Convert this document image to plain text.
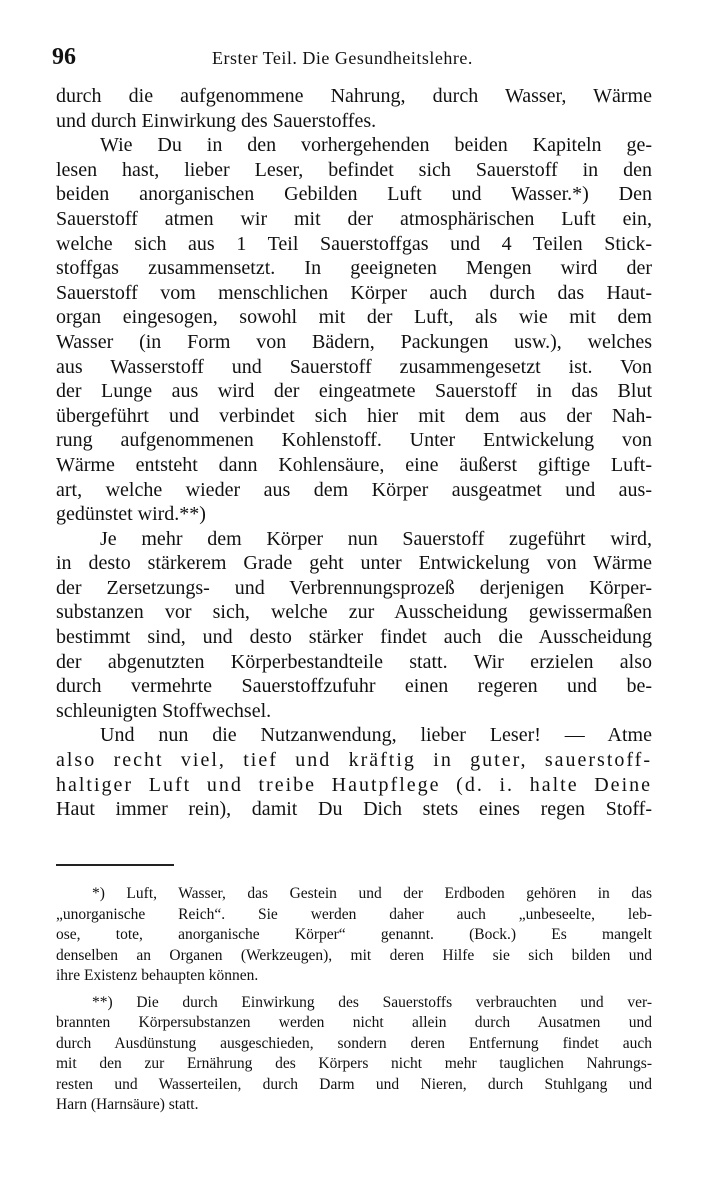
96	Erster Teil. Die Gesundheitslehre.

durch die aufgenommene Nahrung, durch Wasser, Wärme
und durch Einwirkung des Sauerstoffes.

Wie Du in den vorhergehenden beiden Kapiteln ge-
lesen hast, lieber Leser, befindet sich Sauerstoff in den
beiden anorganischen Gebilden Luft und Wasser.*) Den
Sauerstoff atmen wir mit der atmosphärischen Luft ein,
welche sich aus 1 Teil Sauerstoffgas und 4 Teilen Stick-
stoffgas zusammensetzt. In geeigneten Mengen wird der
Sauerstoff vom menschlichen Körper auch durch das Haut-
organ eingesogen, sowohl mit der Luft, als wie mit dem
Wasser (in Form von Bädern, Packungen usw.), welches
aus Wasserstoff und Sauerstoff zusammengesetzt ist. Von
der Lunge aus wird der eingeatmete Sauerstoff in das Blut
übergeführt und verbindet sich hier mit dem aus der Nah-
rung aufgenommenen Kohlenstoff. Unter Entwickelung von
Wärme entsteht dann Kohlensäure, eine äußerst giftige Luft-
art, welche wieder aus dem Körper ausgeatmet und aus-
gedünstet wird.**)

Je mehr dem Körper nun Sauerstoff zugeführt wird,
in desto stärkerem Grade geht unter Entwickelung von Wärme
der Zersetzungs- und Verbrennungsprozeß derjenigen Körper-
substanzen vor sich, welche zur Ausscheidung gewissermaßen
bestimmt sind, und desto stärker findet auch die Ausscheidung
der abgenutzten Körperbestandteile statt. Wir erzielen also
durch vermehrte Sauerstoffzufuhr einen regeren und be-
schleunigten Stoffwechsel.

Und nun die Nutzanwendung, lieber Leser! — Atme
also recht viel, tief und kräftig in guter, sauerstoff-
haltiger Luft und treibe Hautpflege (d. i. halte Deine
Haut immer rein), damit Du Dich stets eines regen Stoff-

*) Luft, Wasser, das Gestein und der Erdboden gehören in das
„unorganische Reich“. Sie werden daher auch „unbeseelte, leb-
ose, tote, anorganische Körper“ genannt. (Bock.) Es mangelt
denselben an Organen (Werkzeugen), mit deren Hilfe sie sich bilden und
ihre Existenz behaupten können.

**) Die durch Einwirkung des Sauerstoffs verbrauchten und ver-
brannten Körpersubstanzen werden nicht allein durch Ausatmen und
durch Ausdünstung ausgeschieden, sondern deren Entfernung findet auch
mit den zur Ernährung des Körpers nicht mehr tauglichen Nahrungs-
resten und Wasserteilen, durch Darm und Nieren, durch Stuhlgang und
Harn (Harnsäure) statt.
